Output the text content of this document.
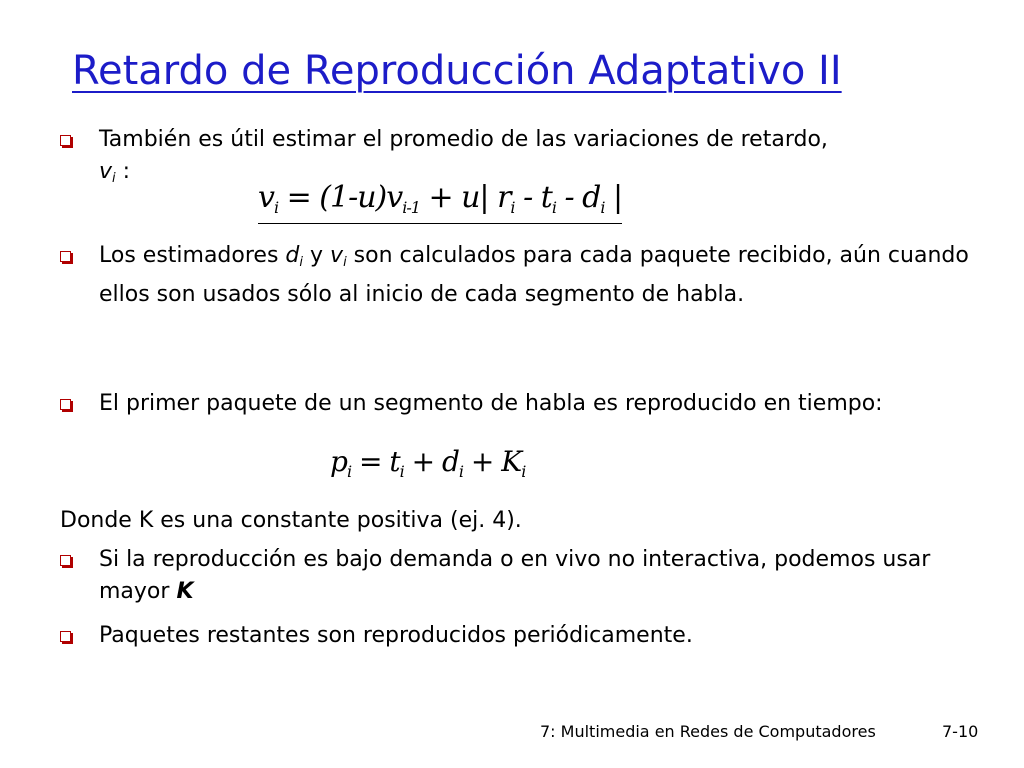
Retardo de Reproducción Adaptativo II
También es útil estimar el promedio de las variaciones de retardo,
$v_i$ :
$v_i = (1-u)v_{i-1} + u|$ $r_i - t_i - d_i$ |
Los estimadores $d_i$ y $v_i$ son calculados para cada paquete recibido, aún cuando ellos son usados sólo al inicio de cada segmento de habla.
El primer paquete de un segmento de habla es reproducido en tiempo:
$p_i = t_i + d_i + K_i$
Donde K es una constante positiva (ej. 4).
Si la reproducción es bajo demanda o en vivo no interactiva, podemos usar mayor K
Paquetes restantes son reproducidos periódicamente.
7: Multimedia en Redes de Computadores	7-10
